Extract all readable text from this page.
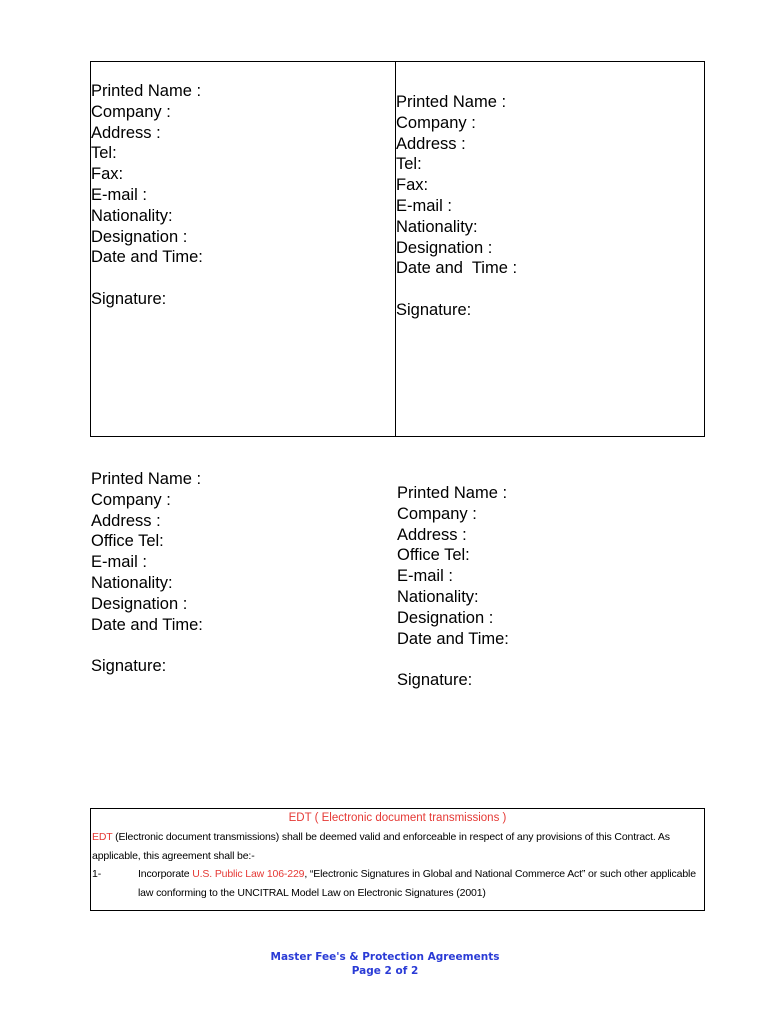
Printed Name :
Company :
Address :
Tel:
Fax:
E-mail :
Nationality:
Designation :
Date and Time:
Signature:
Printed Name :
Company :
Address :
Tel:
Fax:
E-mail :
Nationality:
Designation :
Date and  Time :
Signature:
Printed Name :
Company :
Address :
Office Tel:
E-mail :
Nationality:
Designation :
Date and Time:
Signature:
Printed Name :
Company :
Address :
Office Tel:
E-mail :
Nationality:
Designation :
Date and Time:
Signature:
EDT ( Electronic document transmissions )
EDT (Electronic document transmissions) shall be deemed valid and enforceable in respect of any provisions of this Contract. As applicable, this agreement shall be:-
1-	Incorporate U.S. Public Law 106-229, “Electronic Signatures in Global and National Commerce Act” or such other applicable law conforming to the UNCITRAL Model Law on Electronic Signatures (2001)
Master Fee's & Protection Agreements
Page 2 of 2
